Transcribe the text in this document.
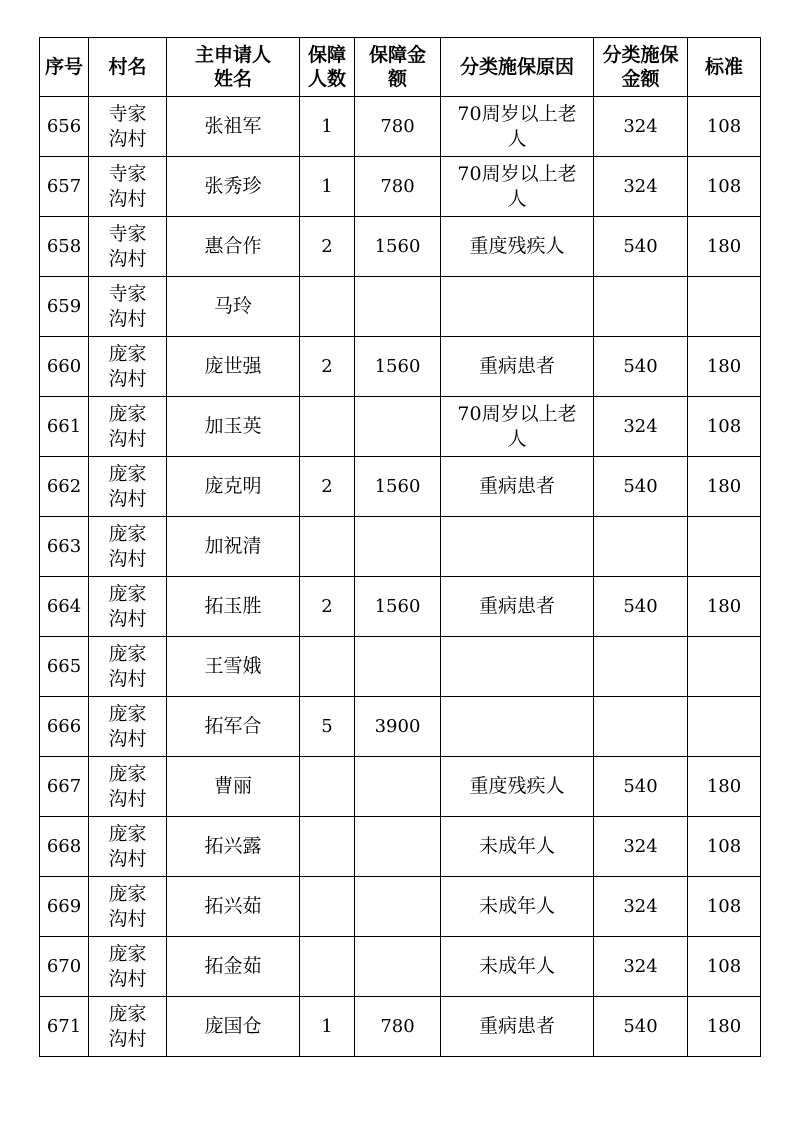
序号	村名	主申请人姓名	保障人数	保障金额	分类施保原因	分类施保金额	标准
656	寺家沟村	张祖军	1	780	70周岁以上老人	324	108
657	寺家沟村	张秀珍	1	780	70周岁以上老人	324	108
658	寺家沟村	惠合作	2	1560	重度残疾人	540	180
659	寺家沟村	马玲			

660	庞家沟村	庞世强	2	1560	重病患者	540	180
661	庞家沟村	加玉英			70周岁以上老人	324	108
662	庞家沟村	庞克明	2	1560	重病患者	540	180
663	庞家沟村	加祝清			

664	庞家沟村	拓玉胜	2	1560	重病患者	540	180
665	庞家沟村	王雪娥			

666	庞家沟村	拓军合	5	3900	

667	庞家沟村	曹丽			重度残疾人	540	180
668	庞家沟村	拓兴露			未成年人	324	108
669	庞家沟村	拓兴茹			未成年人	324	108
670	庞家沟村	拓金茹			未成年人	324	108
671	庞家沟村	庞国仓	1	780	重病患者	540	180
